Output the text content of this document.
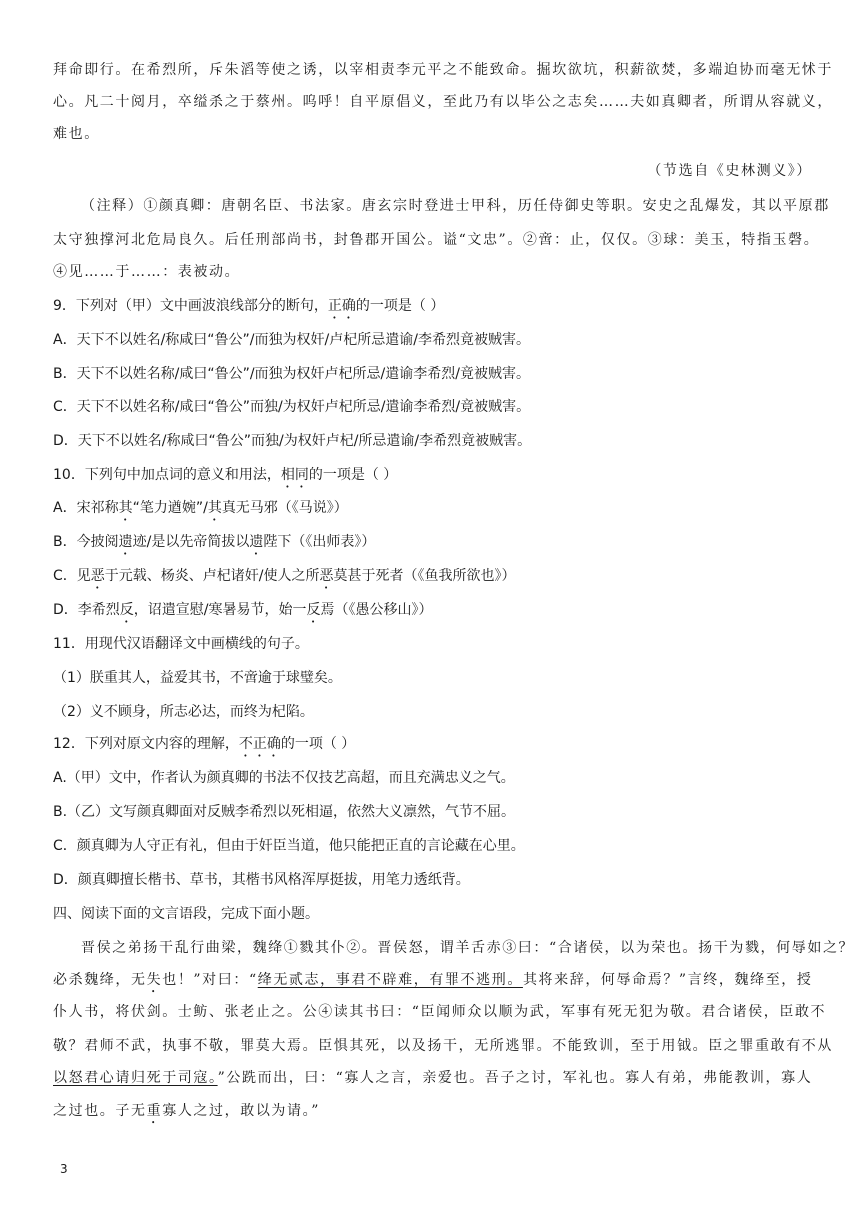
拜命即行。在希烈所，斥朱滔等使之诱，以宰相责李元平之不能致命。掘坎欲坑，积薪欲焚，多端迫协而毫无怵于
心。凡二十阅月，卒缢杀之于蔡州。呜呼！自平原倡义，至此乃有以毕公之志矣……夫如真卿者，所谓从容就义，
难也。
（节选自《史林测义》）
（注释）①颜真卿：唐朝名臣、书法家。唐玄宗时登进士甲科，历任侍御史等职。安史之乱爆发，其以平原郡
太守独撑河北危局良久。后任刑部尚书，封鲁郡开国公。谥“文忠”。②啻：止，仅仅。③球：美玉，特指玉磬。
④见……于……：表被动。
9．下列对（甲）文中画波浪线部分的断句，正确的一项是（ ）
A．天下不以姓名/称咸曰“鲁公”/而独为权奸/卢杞所忌遣谕/李希烈竟被贼害。
B．天下不以姓名称/咸曰“鲁公”/而独为权奸卢杞所忌/遣谕李希烈/竟被贼害。
C．天下不以姓名称/咸曰“鲁公”而独/为权奸卢杞所忌/遣谕李希烈/竟被贼害。
D．天下不以姓名/称咸曰“鲁公”而独/为权奸卢杞/所忌遣谕/李希烈竟被贼害。
10．下列句中加点词的意义和用法，相同的一项是（ ）
A．宋祁称其“笔力遒婉”/其真无马邪（《马说》）
B．今披阅遗迹/是以先帝简拔以遗陛下（《出师表》）
C．见恶于元载、杨炎、卢杞诸奸/使人之所恶莫甚于死者（《鱼我所欲也》）
D．李希烈反，诏遣宣慰/寒暑易节，始一反焉（《愚公移山》）
11．用现代汉语翻译文中画横线的句子。
（1）朕重其人，益爱其书，不啻逾于球璧矣。
（2）义不顾身，所志必达，而终为杞陷。
12．下列对原文内容的理解，不正确的一项（ ）
A.（甲）文中，作者认为颜真卿的书法不仅技艺高超，而且充满忠义之气。
B.（乙）文写颜真卿面对反贼李希烈以死相逼，依然大义凛然，气节不屈。
C．颜真卿为人守正有礼，但由于奸臣当道，他只能把正直的言论藏在心里。
D．颜真卿擅长楷书、草书，其楷书风格浑厚挺拔，用笔力透纸背。
四、阅读下面的文言语段，完成下面小题。
晋侯之弟扬干乱行曲梁，魏绛①戮其仆②。晋侯怒，谓羊舌赤③曰：“合诸侯，以为荣也。扬干为戮，何辱如之？
必杀魏绛，无失也！”对曰：“绛无贰志，事君不辟难，有罪不逃刑。其将来辞，何辱命焉？”言终，魏绛至，授
仆人书，将伏剑。士鲂、张老止之。公④读其书曰：“臣闻师众以顺为武，军事有死无犯为敬。君合诸侯，臣敢不
敬？君师不武，执事不敬，罪莫大焉。臣惧其死，以及扬干，无所逃罪。不能致训，至于用钺。臣之罪重敢有不从
以怒君心请归死于司寇。”公跣而出，曰：“寡人之言，亲爱也。吾子之讨，军礼也。寡人有弟，弗能教训，寡人
之过也。子无重寡人之过，敢以为请。”
3
